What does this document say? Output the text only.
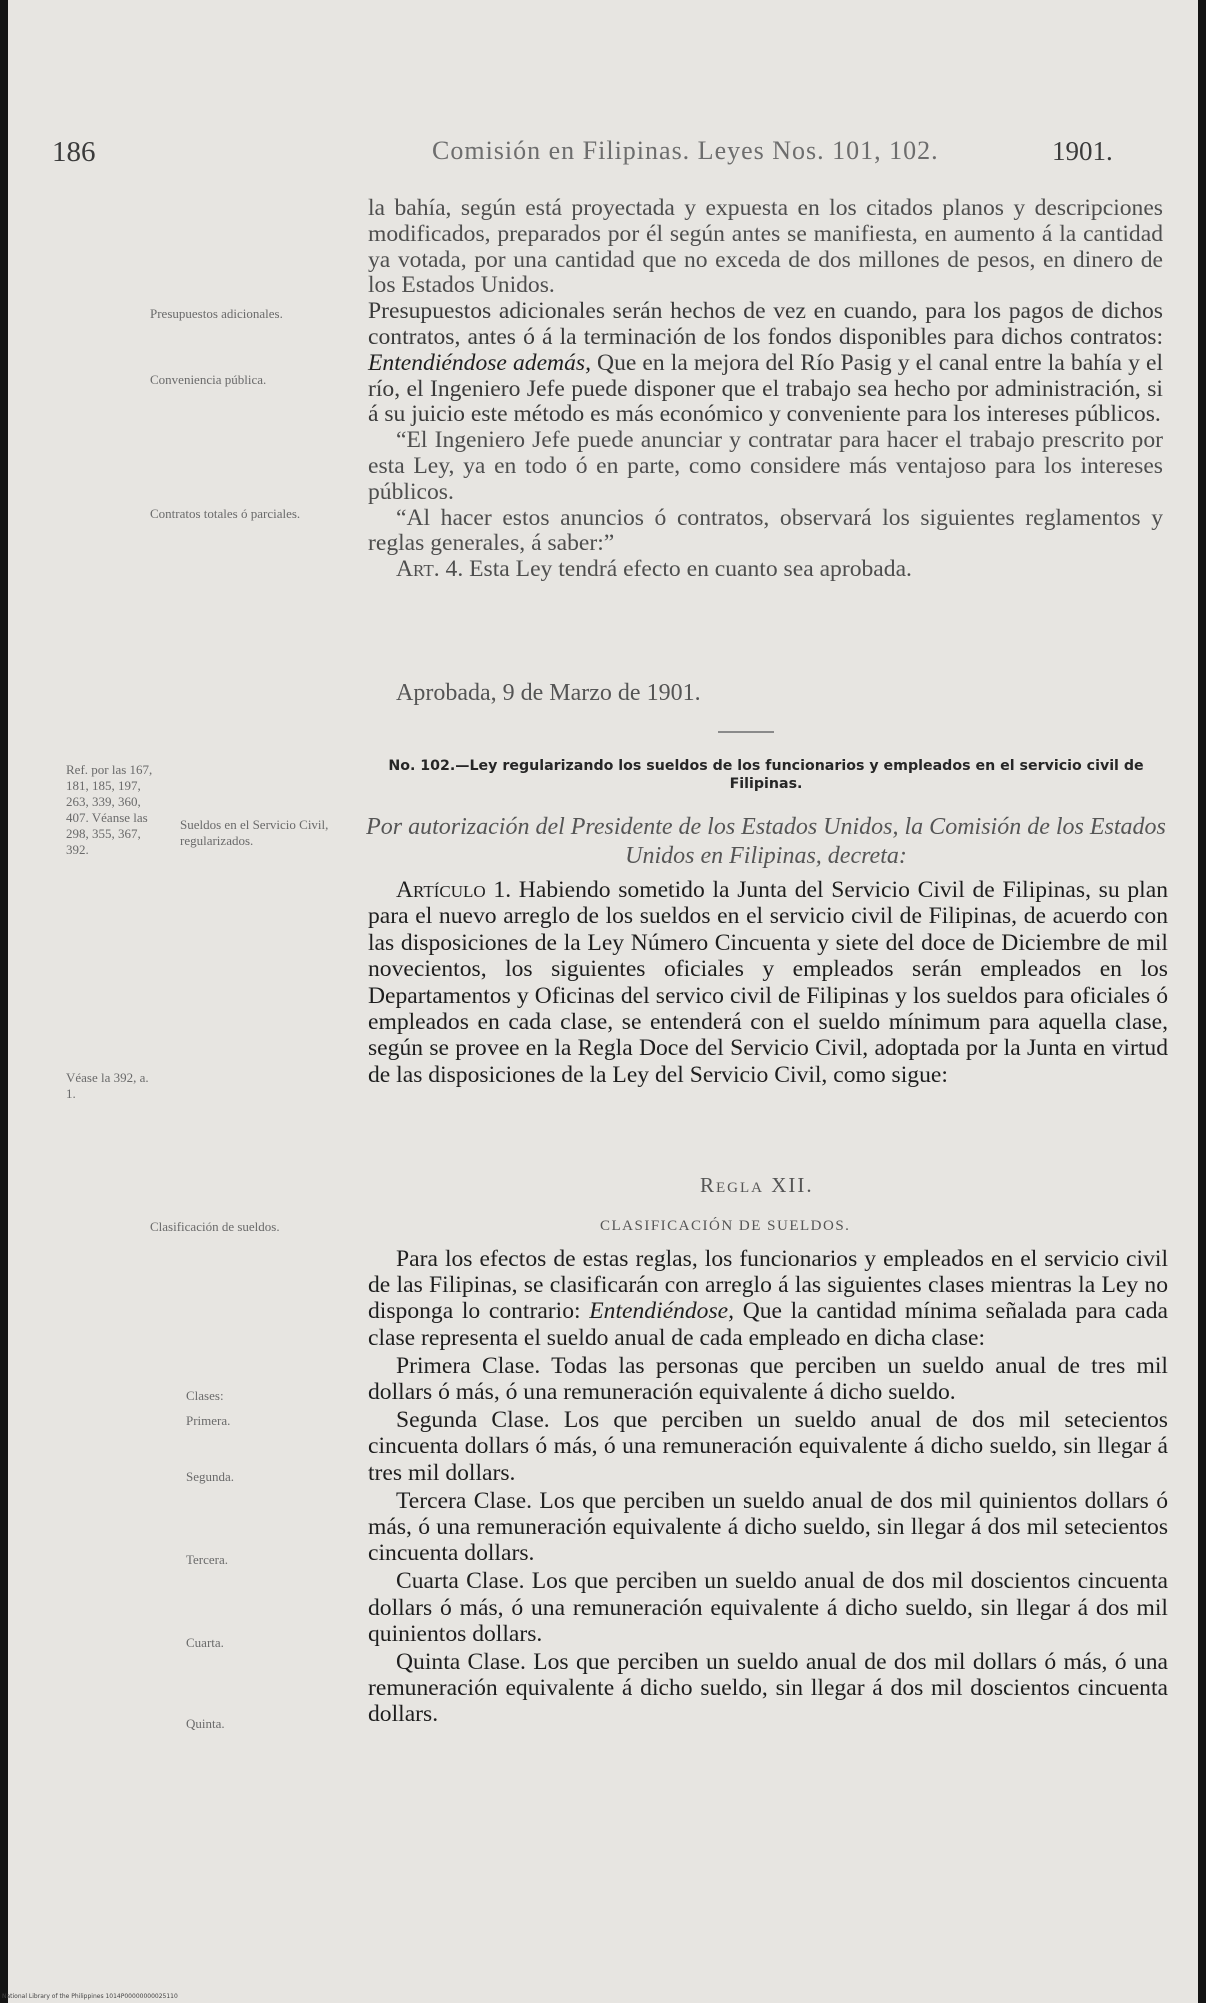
186	Comisión en Filipinas. Leyes Nos. 101, 102.	1901.
Presupuestos adicionales.
Conveniencia pública.
Contratos totales ó parciales.
Ref. por las 167, 181, 185, 197, 263, 339, 360, 407. Véanse las 298, 355, 367, 392.
Sueldos en el Servicio Civil, regularizados.
Véase la 392, a. 1.
Clasificación de sueldos.
Clases:
Primera.
Segunda.
Tercera.
Cuarta.
Quinta.

la bahía, según está proyectada y expuesta en los citados planos y descripciones modificados, preparados por él según antes se manifiesta, en aumento á la cantidad ya votada, por una cantidad que no exceda de dos millones de pesos, en dinero de los Estados Unidos.

Presupuestos adicionales serán hechos de vez en cuando, para los pagos de dichos contratos, antes ó á la terminación de los fondos disponibles para dichos contratos: Entendiéndose además, Que en la mejora del Río Pasig y el canal entre la bahía y el río, el Ingeniero Jefe puede disponer que el trabajo sea hecho por administración, si á su juicio este método es más económico y conveniente para los intereses públicos.

“El Ingeniero Jefe puede anunciar y contratar para hacer el trabajo prescrito por esta Ley, ya en todo ó en parte, como considere más ventajoso para los intereses públicos.

“Al hacer estos anuncios ó contratos, observará los siguientes reglamentos y reglas generales, á saber:”

Art. 4. Esta Ley tendrá efecto en cuanto sea aprobada.

Aprobada, 9 de Marzo de 1901.
No. 102.—Ley regularizando los sueldos de los funcionarios y empleados en el servicio civil de Filipinas.
Por autorización del Presidente de los Estados Unidos, la Comisión de los Estados Unidos en Filipinas, decreta:

Artículo 1. Habiendo sometido la Junta del Servicio Civil de Filipinas, su plan para el nuevo arreglo de los sueldos en el servicio civil de Filipinas, de acuerdo con las disposiciones de la Ley Número Cincuenta y siete del doce de Diciembre de mil novecientos, los siguientes oficiales y empleados serán empleados en los Departamentos y Oficinas del servico civil de Filipinas y los sueldos para oficiales ó empleados en cada clase, se entenderá con el sueldo mínimum para aquella clase, según se provee en la Regla Doce del Servicio Civil, adoptada por la Junta en virtud de las disposiciones de la Ley del Servicio Civil, como sigue:

Regla XII.
CLASIFICACIÓN DE SUELDOS.

Para los efectos de estas reglas, los funcionarios y empleados en el servicio civil de las Filipinas, se clasificarán con arreglo á las siguientes clases mientras la Ley no disponga lo contrario: Entendiéndose, Que la cantidad mínima señalada para cada clase representa el sueldo anual de cada empleado en dicha clase:

Primera Clase. Todas las personas que perciben un sueldo anual de tres mil dollars ó más, ó una remuneración equivalente á dicho sueldo.

Segunda Clase. Los que perciben un sueldo anual de dos mil setecientos cincuenta dollars ó más, ó una remuneración equivalente á dicho sueldo, sin llegar á tres mil dollars.

Tercera Clase. Los que perciben un sueldo anual de dos mil quinientos dollars ó más, ó una remuneración equivalente á dicho sueldo, sin llegar á dos mil setecientos cincuenta dollars.

Cuarta Clase. Los que perciben un sueldo anual de dos mil doscientos cincuenta dollars ó más, ó una remuneración equivalente á dicho sueldo, sin llegar á dos mil quinientos dollars.

Quinta Clase. Los que perciben un sueldo anual de dos mil dollars ó más, ó una remuneración equivalente á dicho sueldo, sin llegar á dos mil doscientos cincuenta dollars.

National Library of the Philippines 1014P00000000025110
